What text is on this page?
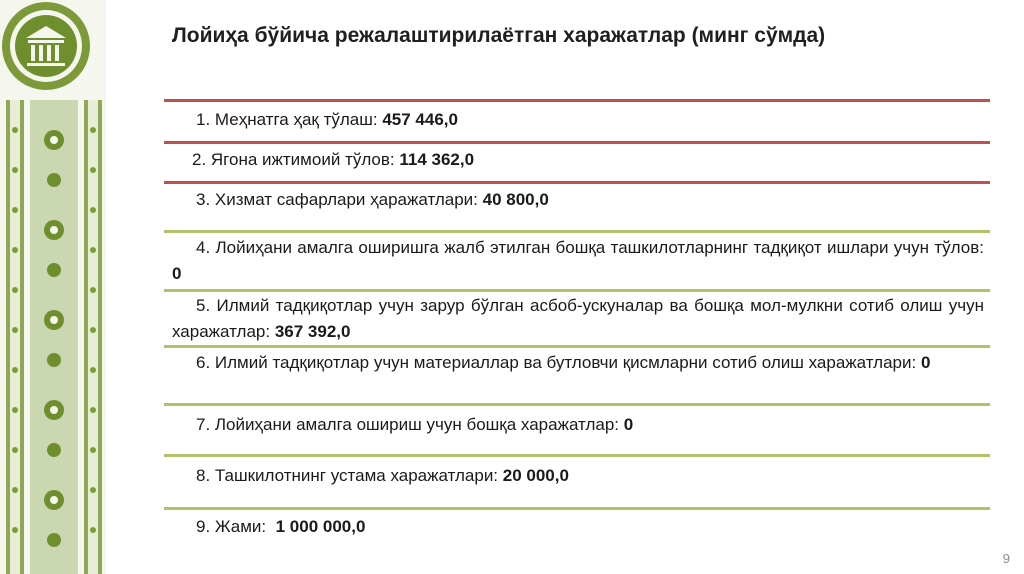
Лойиҳа бўйича режалаштирилаётган харажатлар (минг сўмда)
1. Меҳнатга ҳақ тўлаш: 457 446,0
2. Ягона ижтимоий тўлов: 114 362,0
3. Хизмат сафарлари ҳаражатлари: 40 800,0
4. Лойиҳани амалга оширишга жалб этилган бошқа ташкилотларнинг тадқиқот ишлари учун тўлов: 0
5. Илмий тадқиқотлар учун зарур бўлган асбоб-ускуналар ва бошқа мол-мулкни сотиб олиш учун харажатлар: 367 392,0
6. Илмий тадқиқотлар учун материаллар ва бутловчи қисмларни сотиб олиш харажатлари: 0
7. Лойиҳани амалга ошириш учун бошқа харажатлар: 0
8. Ташкилотнинг устама харажатлари: 20 000,0
9. Жами:  1 000 000,0
9
